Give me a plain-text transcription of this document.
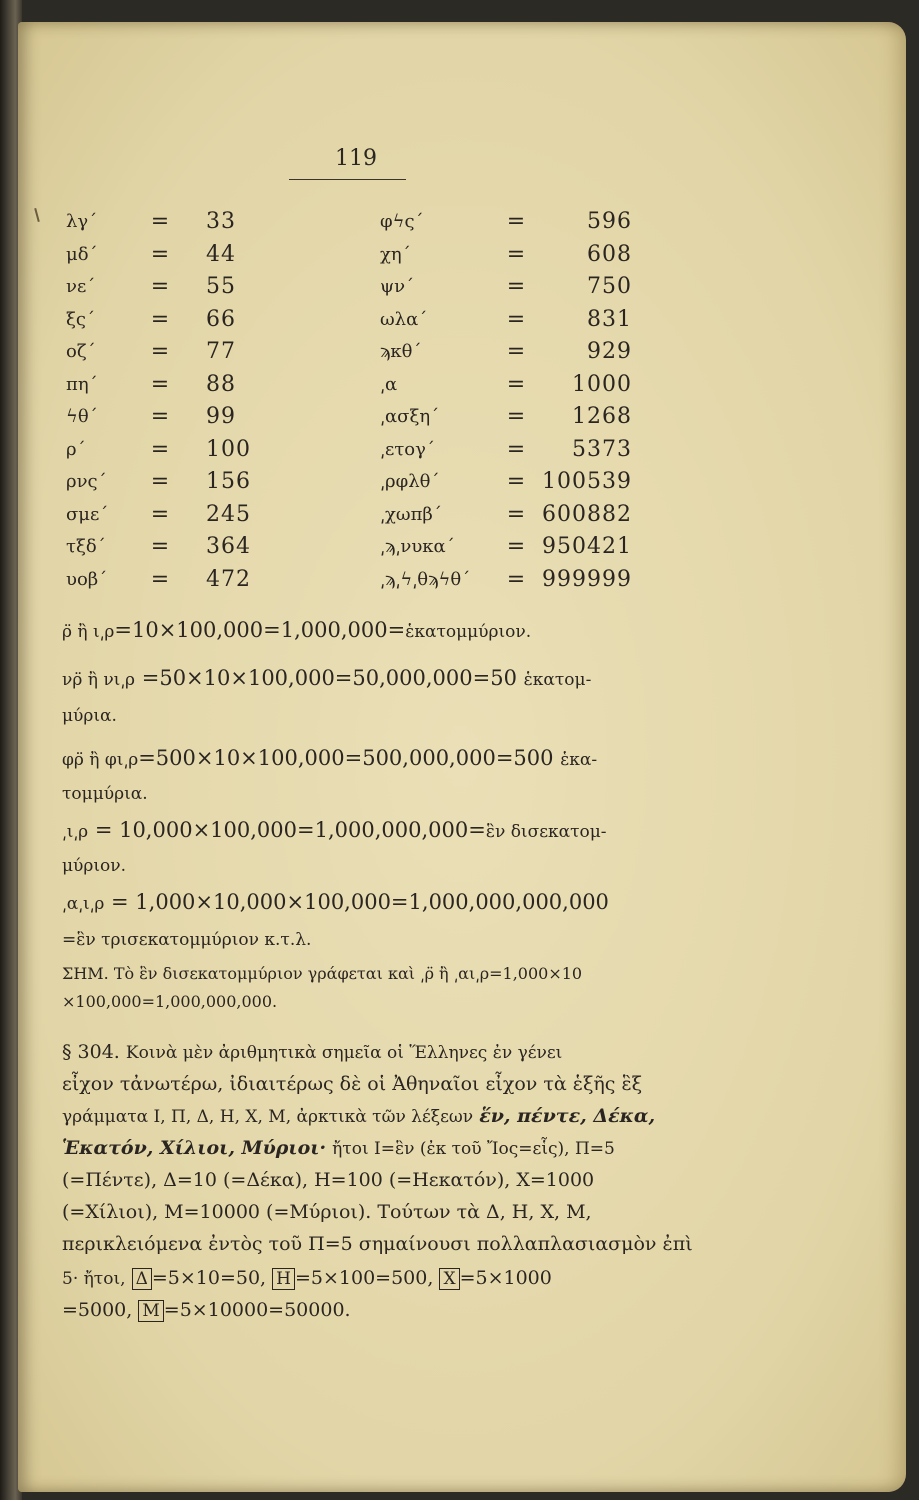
119
λγ΄	= 33
μδ΄	= 44
νε΄	= 55
ξς΄	= 66
οζ΄	= 77
πη΄	= 88
ϟθ΄	= 99
ρ΄	= 100
ρνς΄	= 156
σμε΄	= 245
τξδ΄	= 364
υοβ΄	= 472
φϟς΄	=	596
χη΄	=	608
ψν΄	=	750
ωλα΄	=	831
ϡκθ΄	=	929
͵α	=	1000
͵ασξη΄	=	1268
͵ετογ΄	=	5373
͵ρφλθ΄	= 100539
͵χωπβ΄	= 600882
͵ϡ͵νυκα΄	= 950421
͵ϡ͵ϟ͵θϡϟθ΄	= 999999
ρ̈ ἢ ι͵ρ=10×100,000=1,000,000=ἑκατομμύριον.
νρ̈ ἢ νι͵ρ =50×10×100,000=50,000,000=50 ἑκατομ-
μύρια.
φρ̈ ἢ φι͵ρ=500×10×100,000=500,000,000=500 ἑκα-
τομμύρια.
͵ι͵ρ = 10,000×100,000=1,000,000,000=ἓν δισεκατομ-
μύριον.
͵α͵ι͵ρ = 1,000×10,000×100,000=1,000,000,000,000
=ἓν τρισεκατομμύριον κ.τ.λ.
ΣΗΜ. Τὸ ἓν δισεκατομμύριον γράφεται καὶ ͵ρ̈ ἢ ͵αι͵ρ=1,000×10
×100,000=1,000,000,000.
§ 304. Κοινὰ μὲν ἀριθμητικὰ σημεῖα οἱ Ἕλληνες ἐν γένει
εἶχον τἀνωτέρω, ἰδιαιτέρως δὲ οἱ Ἀθηναῖοι εἶχον τὰ ἑξῆς ἓξ
γράμματα Ι, Π, Δ, Η, Χ, Μ, ἀρκτικὰ τῶν λέξεων ἕν, πέντε, Δέκα,
Ἑκατόν, Χίλιοι, Μύριοι· ἤτοι Ι=ἓν (ἐκ τοῦ Ἴος=εἷς), Π=5
(=Πέντε), Δ=10 (=Δέκα), Η=100 (=Ηεκατόν), Χ=1000
(=Χίλιοι), Μ=10000 (=Μύριοι). Τούτων τὰ Δ, Η, Χ, Μ,
περικλειόμενα ἐντὸς τοῦ Π=5 σημαίνουσι πολλαπλασιασμὸν ἐπὶ
5· ἤτοι, Δ =5×10=50, Η =5×100=500, Χ =5×1000
=5000, Μ =5×10000=50000.
